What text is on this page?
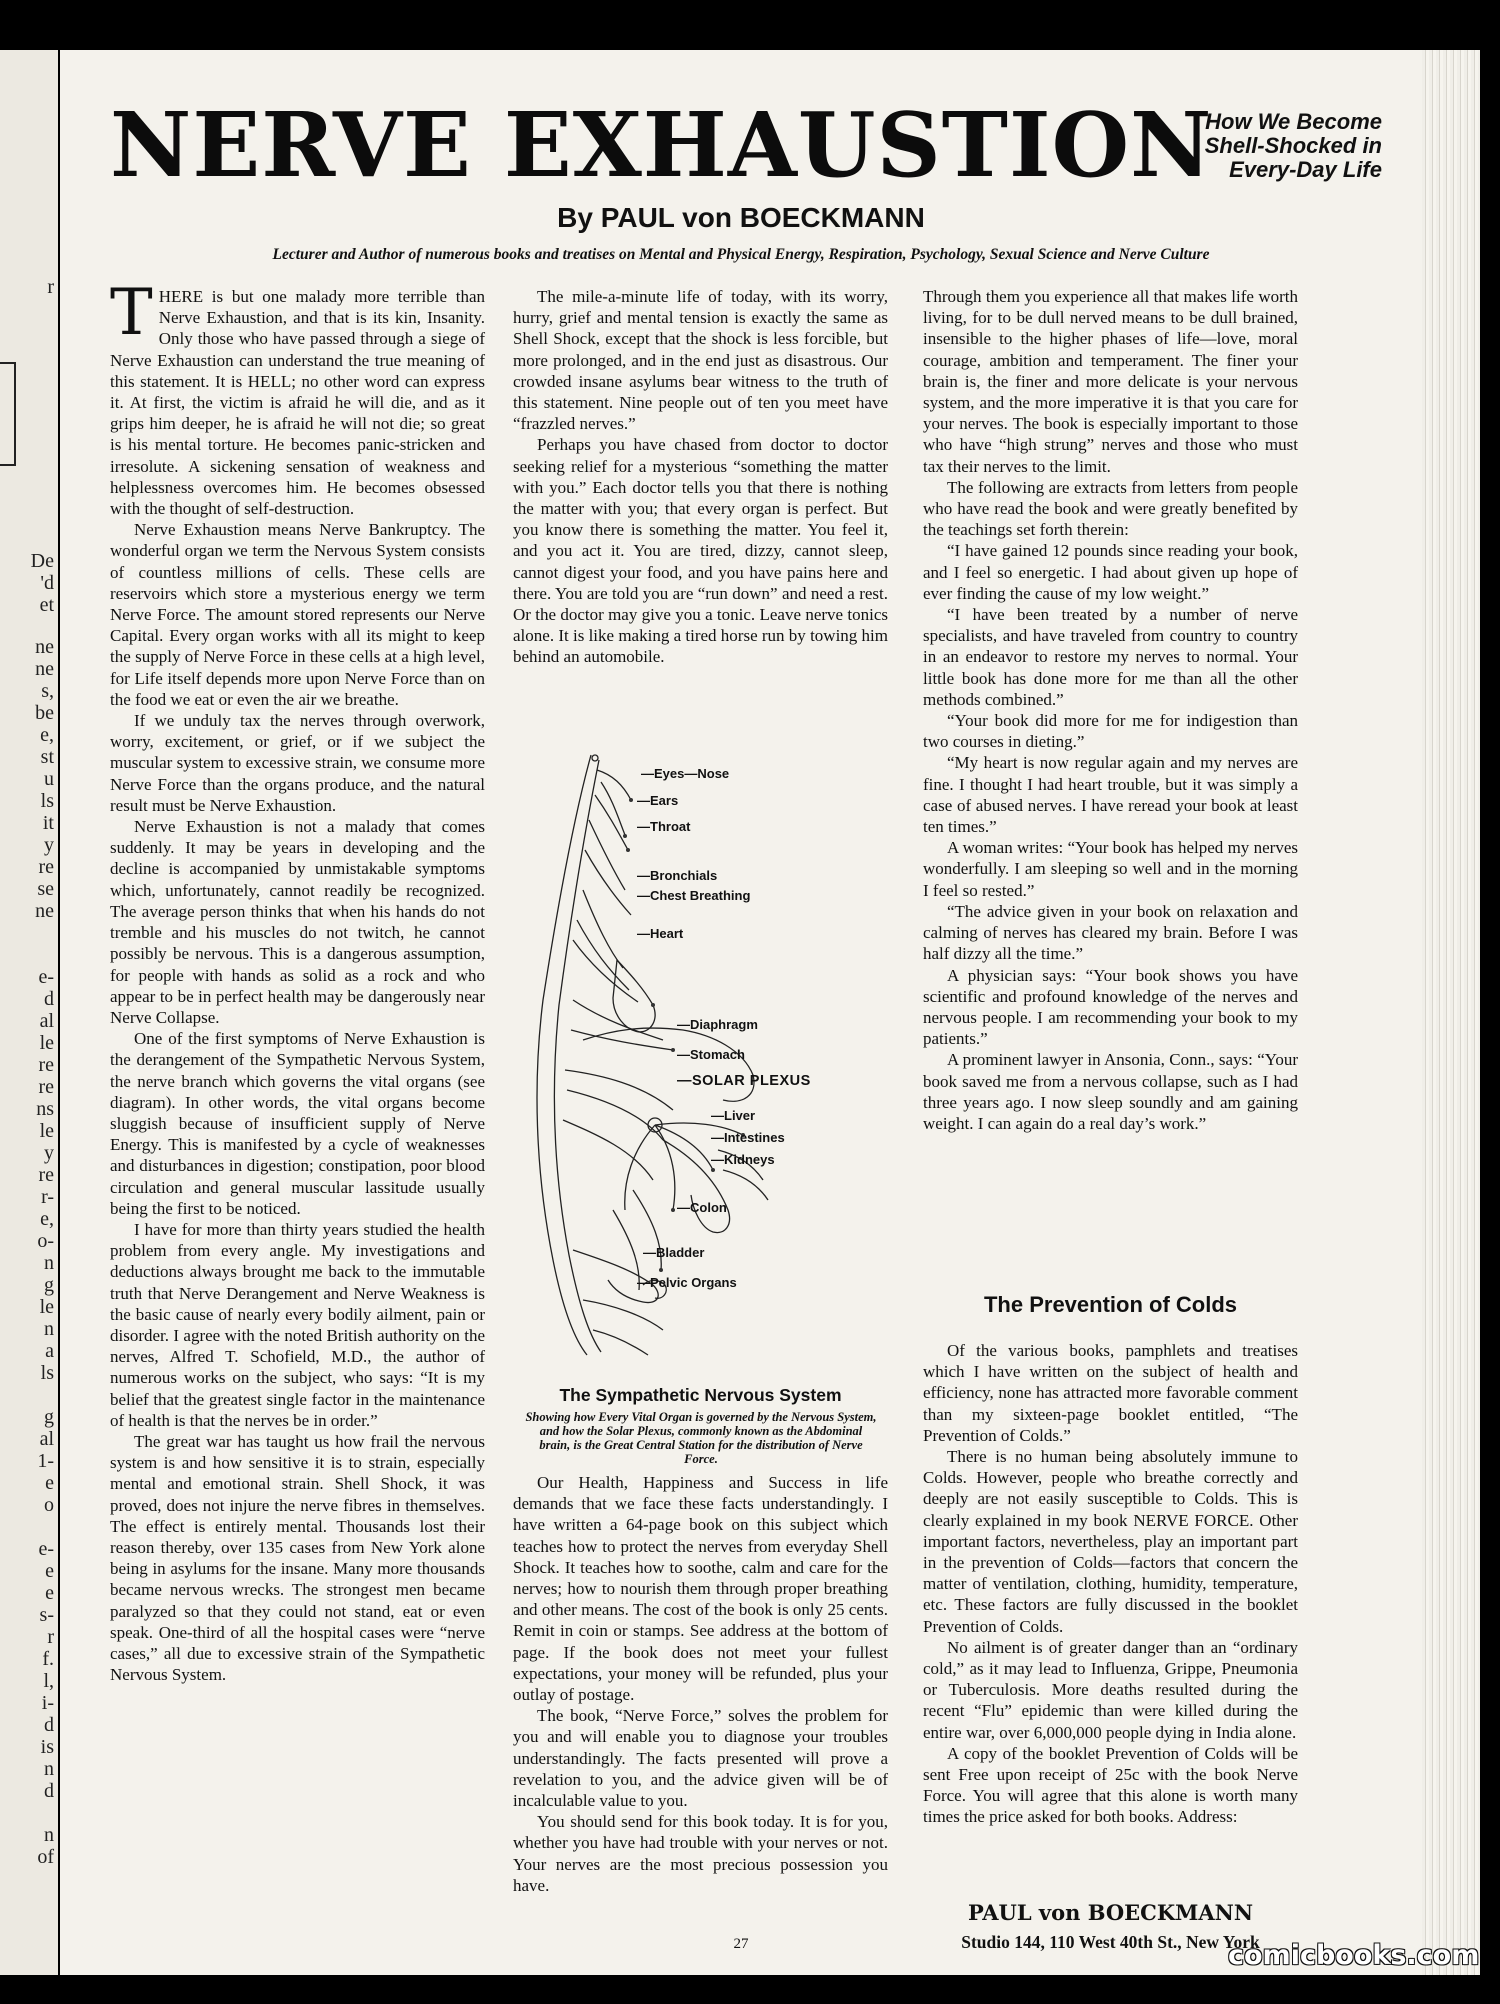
r
De
'd
et
ne
ne
s,
be
e,
st
u
ls
it
y
re
se
ne
e-
d
al
le
re
re
ns
le
y
re
r-
e,
o-
n
g
le
n
a
ls
g
al
1-
e
o
e-
e
e
s-
r
f.
l,
i-
d
is
n
d
n
of
NERVE EXHAUSTION
How We Become
Shell-Shocked in
Every-Day Life
By PAUL von BOECKMANN
Lecturer and Author of numerous books and treatises on Mental and Physical Energy, Respiration, Psychology, Sexual Science and Nerve Culture
T HERE is but one malady more terrible than Nerve Exhaustion, and that is its kin, Insanity. Only those who have passed through a siege of Nerve Exhaustion can understand the true meaning of this statement. It is HELL; no other word can express it. At first, the victim is afraid he will die, and as it grips him deeper, he is afraid he will not die; so great is his mental torture. He becomes panic-stricken and irresolute. A sickening sensation of weakness and helplessness overcomes him. He becomes obsessed with the thought of self-destruction.

Nerve Exhaustion means Nerve Bankruptcy. The wonderful organ we term the Nervous System consists of countless millions of cells. These cells are reservoirs which store a mysterious energy we term Nerve Force. The amount stored represents our Nerve Capital. Every organ works with all its might to keep the supply of Nerve Force in these cells at a high level, for Life itself depends more upon Nerve Force than on the food we eat or even the air we breathe.

If we unduly tax the nerves through overwork, worry, excitement, or grief, or if we subject the muscular system to excessive strain, we consume more Nerve Force than the organs produce, and the natural result must be Nerve Exhaustion.

Nerve Exhaustion is not a malady that comes suddenly. It may be years in developing and the decline is accompanied by unmistakable symptoms which, unfortunately, cannot readily be recognized. The average person thinks that when his hands do not tremble and his muscles do not twitch, he cannot possibly be nervous. This is a dangerous assumption, for people with hands as solid as a rock and who appear to be in perfect health may be dangerously near Nerve Collapse.

One of the first symptoms of Nerve Exhaustion is the derangement of the Sympathetic Nervous System, the nerve branch which governs the vital organs (see diagram). In other words, the vital organs become sluggish because of insufficient supply of Nerve Energy. This is manifested by a cycle of weaknesses and disturbances in digestion; constipation, poor blood circulation and general muscular lassitude usually being the first to be noticed.

I have for more than thirty years studied the health problem from every angle. My investigations and deductions always brought me back to the immutable truth that Nerve Derangement and Nerve Weakness is the basic cause of nearly every bodily ailment, pain or disorder. I agree with the noted British authority on the nerves, Alfred T. Schofield, M.D., the author of numerous works on the subject, who says: “It is my belief that the greatest single factor in the maintenance of health is that the nerves be in order.”

The great war has taught us how frail the nervous system is and how sensitive it is to strain, especially mental and emotional strain. Shell Shock, it was proved, does not injure the nerve fibres in themselves. The effect is entirely mental. Thousands lost their reason thereby, over 135 cases from New York alone being in asylums for the insane. Many more thousands became nervous wrecks. The strongest men became paralyzed so that they could not stand, eat or even speak. One-third of all the hospital cases were “nerve cases,” all due to excessive strain of the Sympathetic Nervous System.

The mile-a-minute life of today, with its worry, hurry, grief and mental tension is exactly the same as Shell Shock, except that the shock is less forcible, but more prolonged, and in the end just as disastrous. Our crowded insane asylums bear witness to the truth of this statement. Nine people out of ten you meet have “frazzled nerves.”

Perhaps you have chased from doctor to doctor seeking relief for a mysterious “something the matter with you.” Each doctor tells you that there is nothing the matter with you; that every organ is perfect. But you know there is something the matter. You feel it, and you act it. You are tired, dizzy, cannot sleep, cannot digest your food, and you have pains here and there. You are told you are “run down” and need a rest. Or the doctor may give you a tonic. Leave nerve tonics alone. It is like making a tired horse run by towing him behind an automobile.

—Eyes—Nose
—Ears
—Throat
—Bronchials
—Chest Breathing
—Heart
—Diaphragm
—Stomach
—SOLAR PLEXUS
—Liver
—Intestines
—Kidneys
—Colon
—Bladder
—Pelvic Organs
The Sympathetic Nervous System
Showing how Every Vital Organ is governed by the Nervous System, and how the Solar Plexus, commonly known as the Abdominal brain, is the Great Central Station for the distribution of Nerve Force.

Our Health, Happiness and Success in life demands that we face these facts understandingly. I have written a 64-page book on this subject which teaches how to protect the nerves from everyday Shell Shock. It teaches how to soothe, calm and care for the nerves; how to nourish them through proper breathing and other means. The cost of the book is only 25 cents. Remit in coin or stamps. See address at the bottom of page. If the book does not meet your fullest expectations, your money will be refunded, plus your outlay of postage.

The book, “Nerve Force,” solves the problem for you and will enable you to diagnose your troubles understandingly. The facts presented will prove a revelation to you, and the advice given will be of incalculable value to you.

You should send for this book today. It is for you, whether you have had trouble with your nerves or not. Your nerves are the most precious possession you have.

Through them you experience all that makes life worth living, for to be dull nerved means to be dull brained, insensible to the higher phases of life—love, moral courage, ambition and temperament. The finer your brain is, the finer and more delicate is your nervous system, and the more imperative it is that you care for your nerves. The book is especially important to those who have “high strung” nerves and those who must tax their nerves to the limit.

The following are extracts from letters from people who have read the book and were greatly benefited by the teachings set forth therein:

“I have gained 12 pounds since reading your book, and I feel so energetic. I had about given up hope of ever finding the cause of my low weight.”

“I have been treated by a number of nerve specialists, and have traveled from country to country in an endeavor to restore my nerves to normal. Your little book has done more for me than all the other methods combined.”

“Your book did more for me for indigestion than two courses in dieting.”

“My heart is now regular again and my nerves are fine. I thought I had heart trouble, but it was simply a case of abused nerves. I have reread your book at least ten times.”

A woman writes: “Your book has helped my nerves wonderfully. I am sleeping so well and in the morning I feel so rested.”

“The advice given in your book on relaxation and calming of nerves has cleared my brain. Before I was half dizzy all the time.”

A physician says: “Your book shows you have scientific and profound knowledge of the nerves and nervous people. I am recommending your book to my patients.”

A prominent lawyer in Ansonia, Conn., says: “Your book saved me from a nervous collapse, such as I had three years ago. I now sleep soundly and am gaining weight. I can again do a real day’s work.”

The Prevention of Colds

Of the various books, pamphlets and treatises which I have written on the subject of health and efficiency, none has attracted more favorable comment than my sixteen-page booklet entitled, “The Prevention of Colds.”

There is no human being absolutely immune to Colds. However, people who breathe correctly and deeply are not easily susceptible to Colds. This is clearly explained in my book NERVE FORCE. Other important factors, nevertheless, play an important part in the prevention of Colds—factors that concern the matter of ventilation, clothing, humidity, temperature, etc. These factors are fully discussed in the booklet Prevention of Colds.

No ailment is of greater danger than an “ordinary cold,” as it may lead to Influenza, Grippe, Pneumonia or Tuberculosis. More deaths resulted during the recent “Flu” epidemic than were killed during the entire war, over 6,000,000 people dying in India alone.

A copy of the booklet Prevention of Colds will be sent Free upon receipt of 25c with the book Nerve Force. You will agree that this alone is worth many times the price asked for both books. Address:

PAUL von BOECKMANN
Studio 144, 110 West 40th St., New York
27	comicbooks.com
